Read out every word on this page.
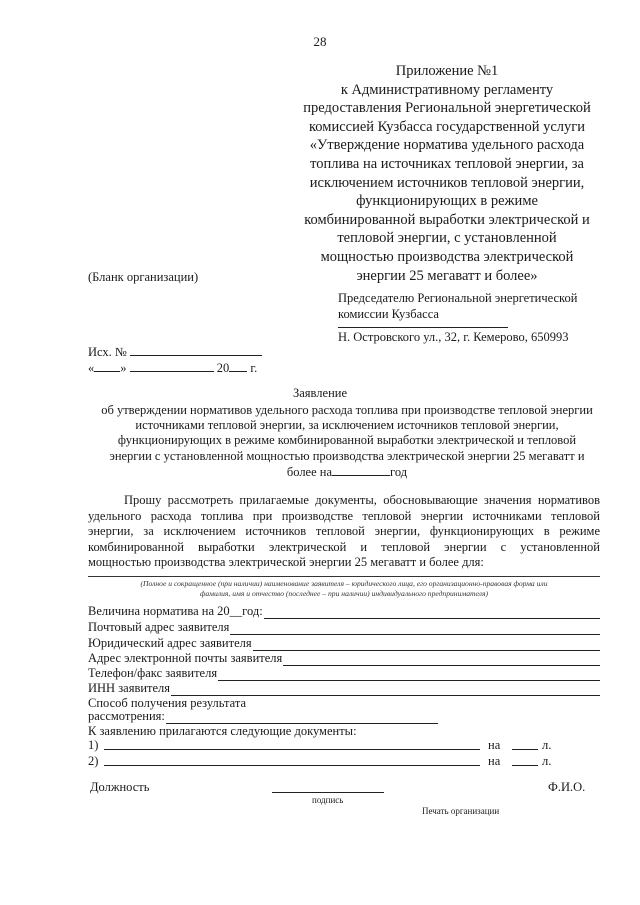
28
Приложение №1
к Административному регламенту
предоставления Региональной энергетической
комиссией Кузбасса государственной услуги
«Утверждение норматива удельного расхода
топлива на источниках тепловой энергии, за
исключением источников тепловой энергии,
функционирующих в режиме
комбинированной выработки электрической и
тепловой энергии, с установленной
мощностью производства электрической
энергии 25 мегаватт и более»
(Бланк организации)
Председателю Региональной энергетической
комиссии Кузбасса
Н. Островского ул., 32, г. Кемерово, 650993
Исх. №
« »	20 г.
Заявление
об утверждении нормативов удельного расхода топлива при производстве тепловой энергии
источниками тепловой энергии, за исключением источников тепловой энергии,
функционирующих в режиме комбинированной выработки электрической и тепловой
энергии с установленной мощностью производства электрической энергии 25 мегаватт и
более на	год
Прошу рассмотреть прилагаемые документы, обосновывающие значения нормативов
удельного расхода топлива при производстве тепловой энергии источниками тепловой
энергии, за исключением источников тепловой энергии, функционирующих в режиме
комбинированной выработки электрической и тепловой энергии с установленной
мощностью производства электрической энергии 25 мегаватт и более для:
(Полное и сокращенное (при наличии) наименование заявителя – юридического лица, его организационно-правовая форма или
фамилия, имя и отчество (последнее – при наличии) индивидуального предпринимателя)
Величина норматива на 20__год:
Почтовый адрес заявителя
Юридический адрес заявителя
Адрес электронной почты заявителя
Телефон/факс заявителя
ИНН заявителя
Способ получения результата
рассмотрения:
К заявлению прилагаются следующие документы:
1)	на	л.
2)	на	л.
Должность
подпись
Ф.И.О.
Печать организации
